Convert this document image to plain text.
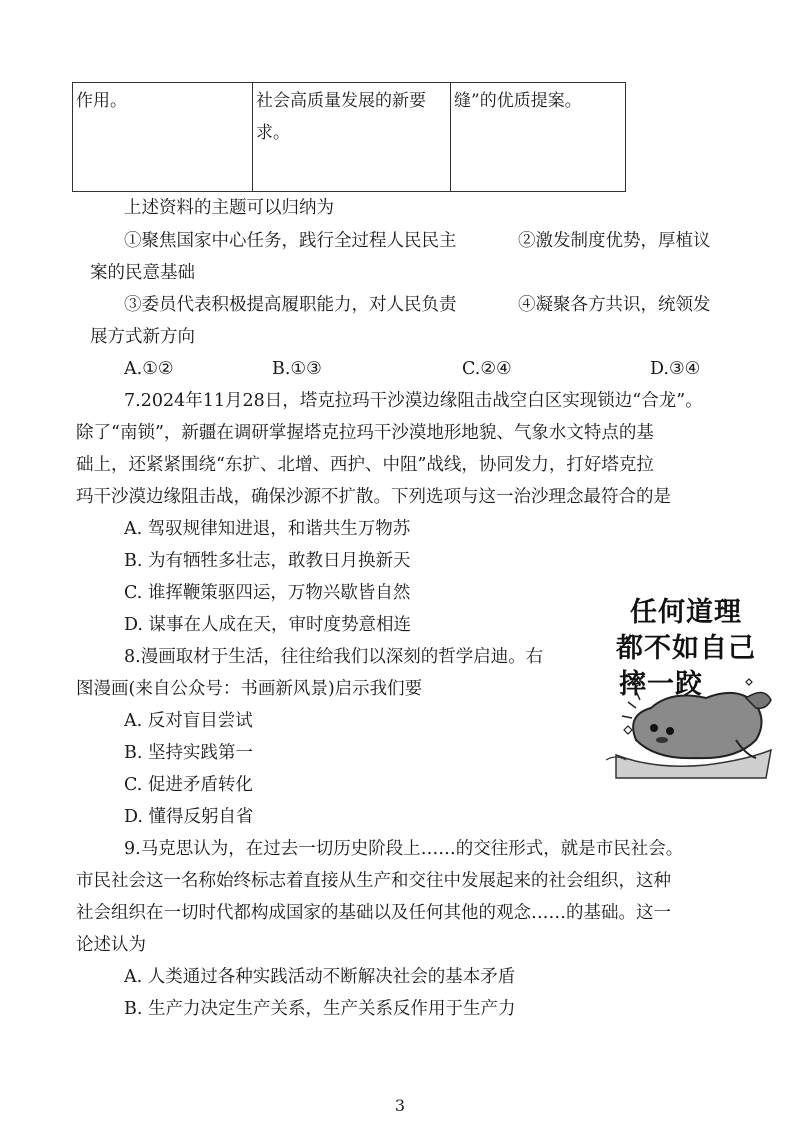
作用。	社会高质量发展的新要求。	缝”的优质提案。
上述资料的主题可以归纳为
①聚焦国家中心任务，践行全过程人民民主	②激发制度优势，厚植议
案的民意基础
③委员代表积极提高履职能力，对人民负责	④凝聚各方共识，统领发
展方式新方向
A.①②	B.①③	C.②④	D.③④
7.2024年11月28日，塔克拉玛干沙漠边缘阻击战空白区实现锁边“合龙”。
除了“南锁”，新疆在调研掌握塔克拉玛干沙漠地形地貌、气象水文特点的基
础上，还紧紧围绕“东扩、北增、西护、中阻”战线，协同发力，打好塔克拉
玛干沙漠边缘阻击战，确保沙源不扩散。下列选项与这一治沙理念最符合的是
A. 驾驭规律知进退，和谐共生万物苏
B. 为有牺牲多壮志，敢教日月换新天
C. 谁挥鞭策驱四运，万物兴歇皆自然
D. 谋事在人成在天，审时度势意相连
8.漫画取材于生活，往往给我们以深刻的哲学启迪。右
图漫画(来自公众号：书画新风景)启示我们要
A. 反对盲目尝试
B. 坚持实践第一
C. 促进矛盾转化
D. 懂得反躬自省
任何道理
都不如自己
摔一跤
9.马克思认为，在过去一切历史阶段上……的交往形式，就是市民社会。
市民社会这一名称始终标志着直接从生产和交往中发展起来的社会组织，这种
社会组织在一切时代都构成国家的基础以及任何其他的观念……的基础。这一
论述认为
A. 人类通过各种实践活动不断解决社会的基本矛盾
B. 生产力决定生产关系，生产关系反作用于生产力
3
